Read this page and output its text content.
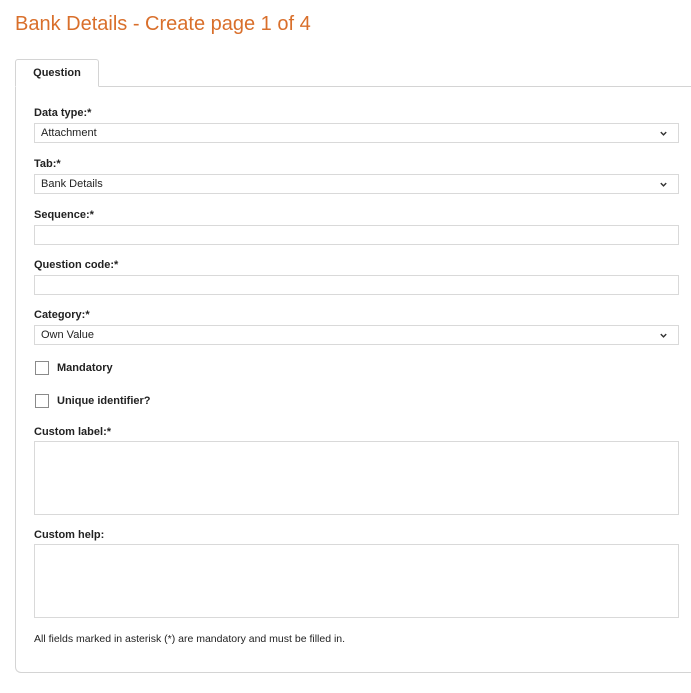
Bank Details - Create page 1 of 4
Question
Data type:*
Attachment
Tab:*
Bank Details
Sequence:*
Question code:*
Category:*
Own Value
Mandatory
Unique identifier?
Custom label:*
Custom help:
All fields marked in asterisk (*) are mandatory and must be filled in.
